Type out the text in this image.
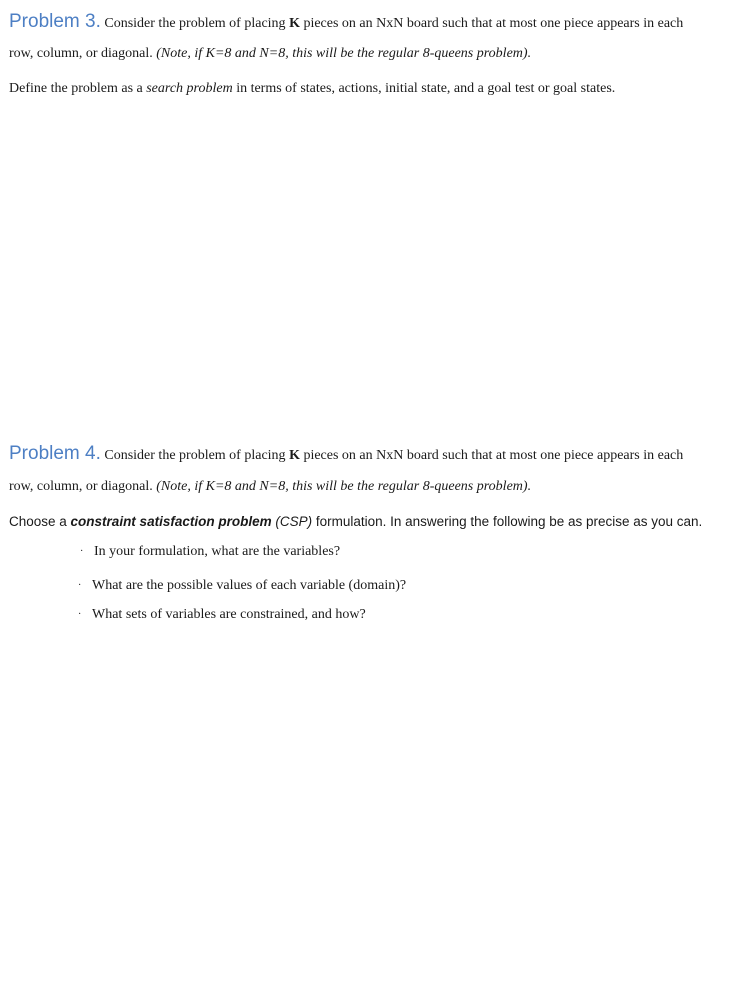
Problem 3. Consider the problem of placing K pieces on an NxN board such that at most one piece appears in each
row, column, or diagonal. (Note, if K=8 and N=8, this will be the regular 8-queens problem).
Define the problem as a search problem in terms of states, actions, initial state, and a goal test or goal states.
Problem 4. Consider the problem of placing K pieces on an NxN board such that at most one piece appears in each
row, column, or diagonal. (Note, if K=8 and N=8, this will be the regular 8-queens problem).
Choose a constraint satisfaction problem (CSP) formulation. In answering the following be as precise as you can.
· In your formulation, what are the variables?
· What are the possible values of each variable (domain)?
· What sets of variables are constrained, and how?
